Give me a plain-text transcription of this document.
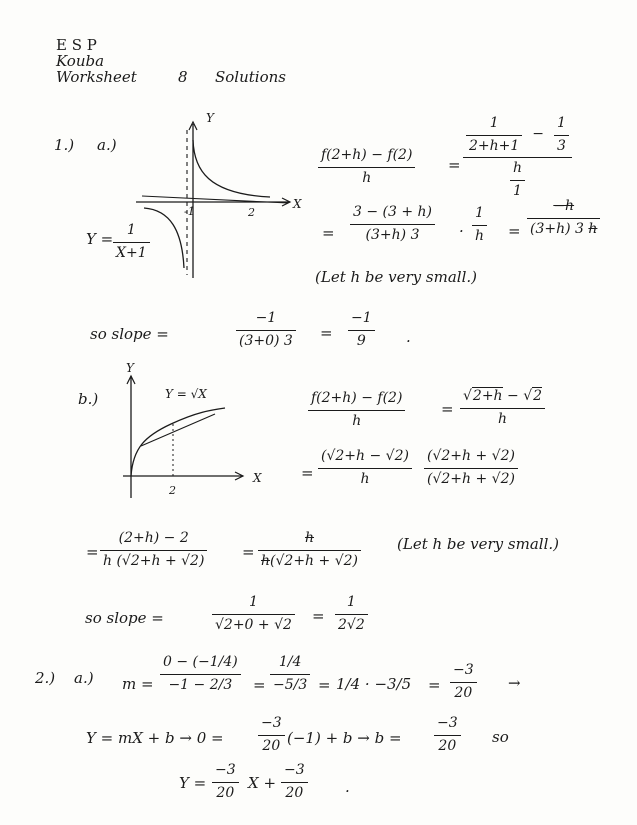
E S P
Kouba
Worksheet	8 Solutions
1.) a.)
Y
X
-1	2
Y = 1
X+1
f(2+h) − f(2)
h
=
$\frac{1}{2+h+1} - \frac{1}{3}$
$\frac{h}{1}$
=
3 − (3 + h)
(3+h) 3	·
1
h =
−h
(3+h) 3 h
(Let h be very small.)
so slope =
−1
(3+0) 3 =
−1
9	.
b.)
Y
X
Y = √X
2
f(2+h) − f(2)
h
=
√2+h − √2
h
=
(√2+h − √2)
h
(√2+h + √2)
(√2+h + √2)
=
(2+h) − 2
h (√2+h + √2)	=
h
h(√2+h + √2)
(Let h be very small.)
so slope =
1
√2+0 + √2 =
1
2√2
2.) a.) m =
0 − (−1/4)
−1 − 2/3 =
1/4
−5/3 = 1/4 · −3/5 =
−3
20
→
Y = mX + b → 0 =
−3
20 (−1) + b → b =
−3
20 so
Y =
−3
20
X +
−3
20	.
